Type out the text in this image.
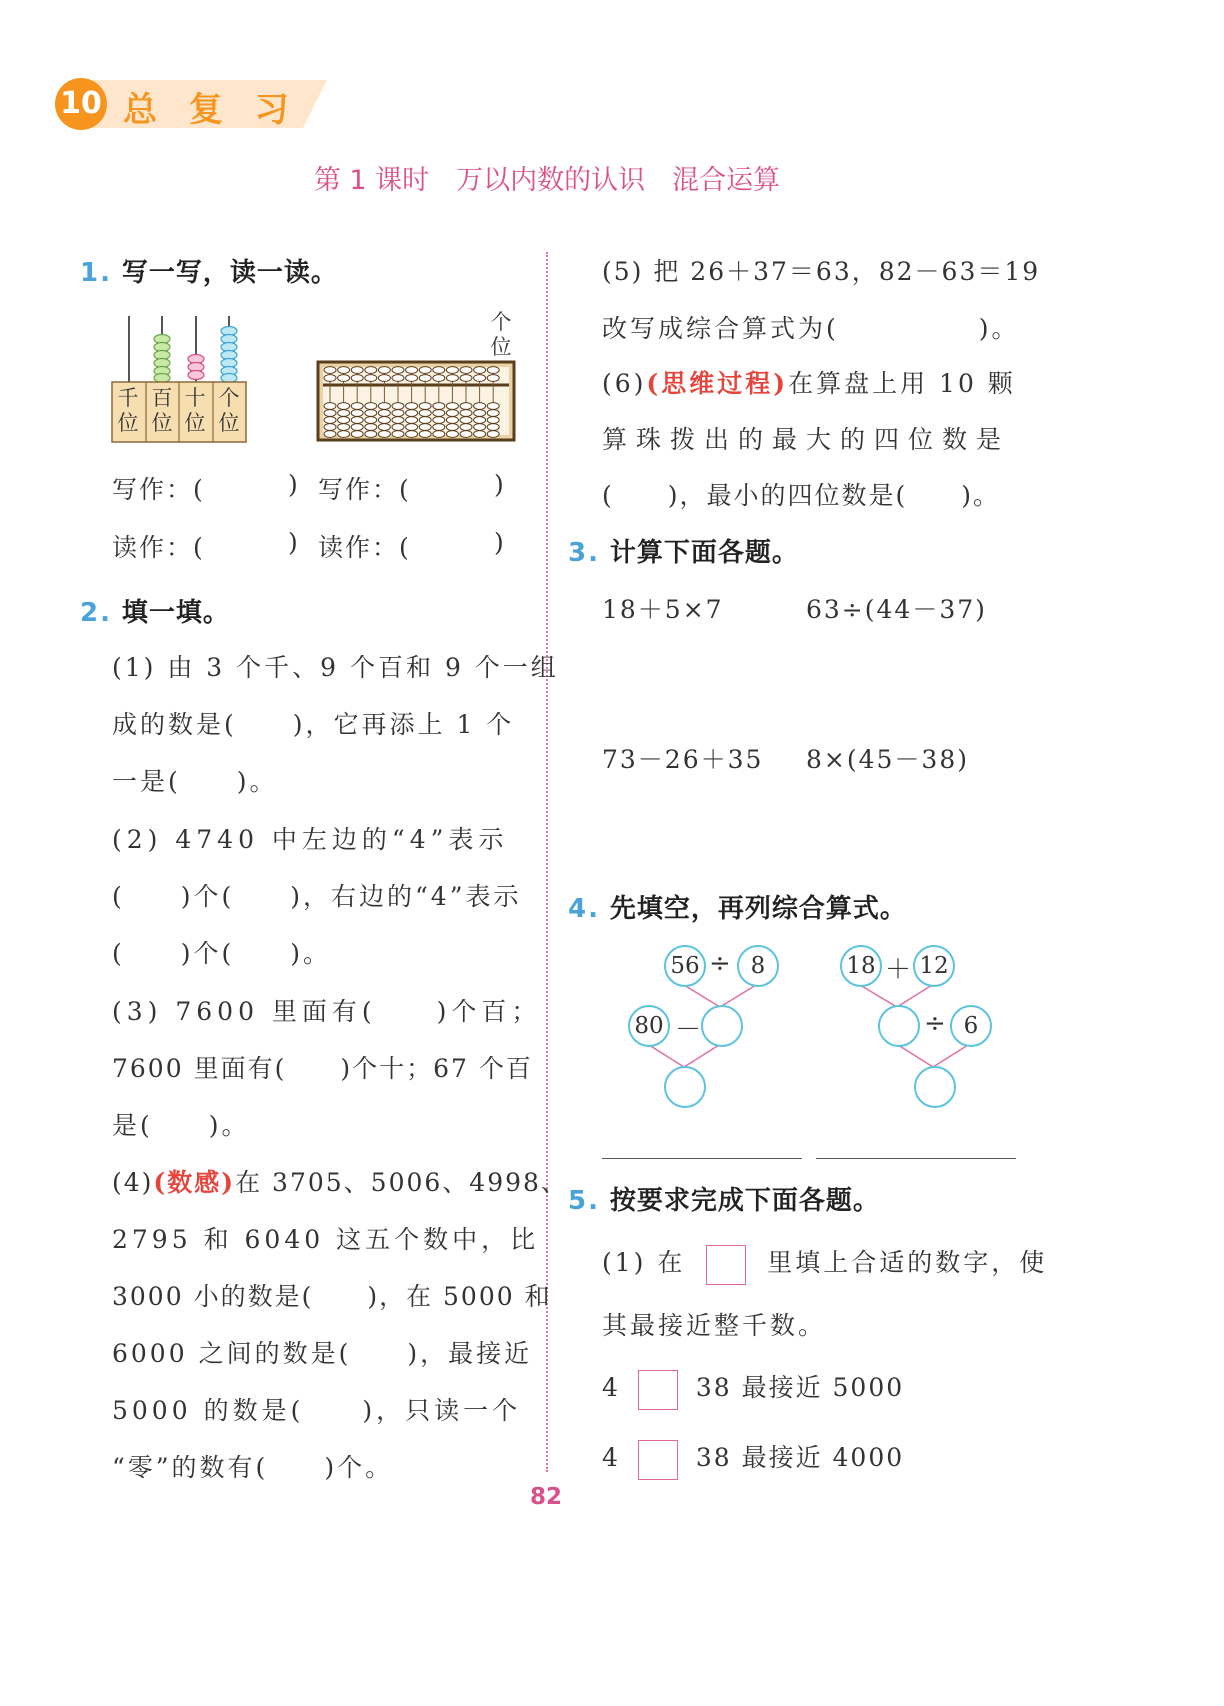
10 总 复 习
第 1 课时　万以内数的认识　混合运算
1. 写一写，读一读。
千位
百位
十位
个位
个位
写作：(	) 写作：(	)
读作：(	) 读作：(	)
2. 填一填。
(1) 由 3 个千、9 个百和 9 个一组
成的数是(　　)，它再添上 1 个
一是(　　)。
(2) 4740 中左边的“4”表示
(　　)个(　　)，右边的“4”表示
(　　)个(　　)。
(3) 7600 里面有(　　)个百；
7600 里面有(　　)个十；67 个百
是(　　)。
(4)(数感)在 3705、5006、4998、
2795 和 6040 这五个数中，比
3000 小的数是(　　)，在 5000 和
6000 之间的数是(　　)，最接近
5000 的数是(　　)，只读一个
“零”的数有(　　)个。
(5) 把 26＋37＝63，82－63＝19
改写成综合算式为(　　　　　)。
(6)(思维过程)在算盘上用 10 颗
算珠拨出的最大的四位数是
(　　)，最小的四位数是(　　)。
3. 计算下面各题。
18＋5×7	63÷(44－37)
73－26＋35 8×(45－38)
4. 先填空，再列综合算式。
56 ÷ 8
80 －
18 ＋ 12
÷ 6
5. 按要求完成下面各题。
(1) 在	里填上合适的数字，使
其最接近整千数。
4	38 最接近 5000
4	38 最接近 4000
82
